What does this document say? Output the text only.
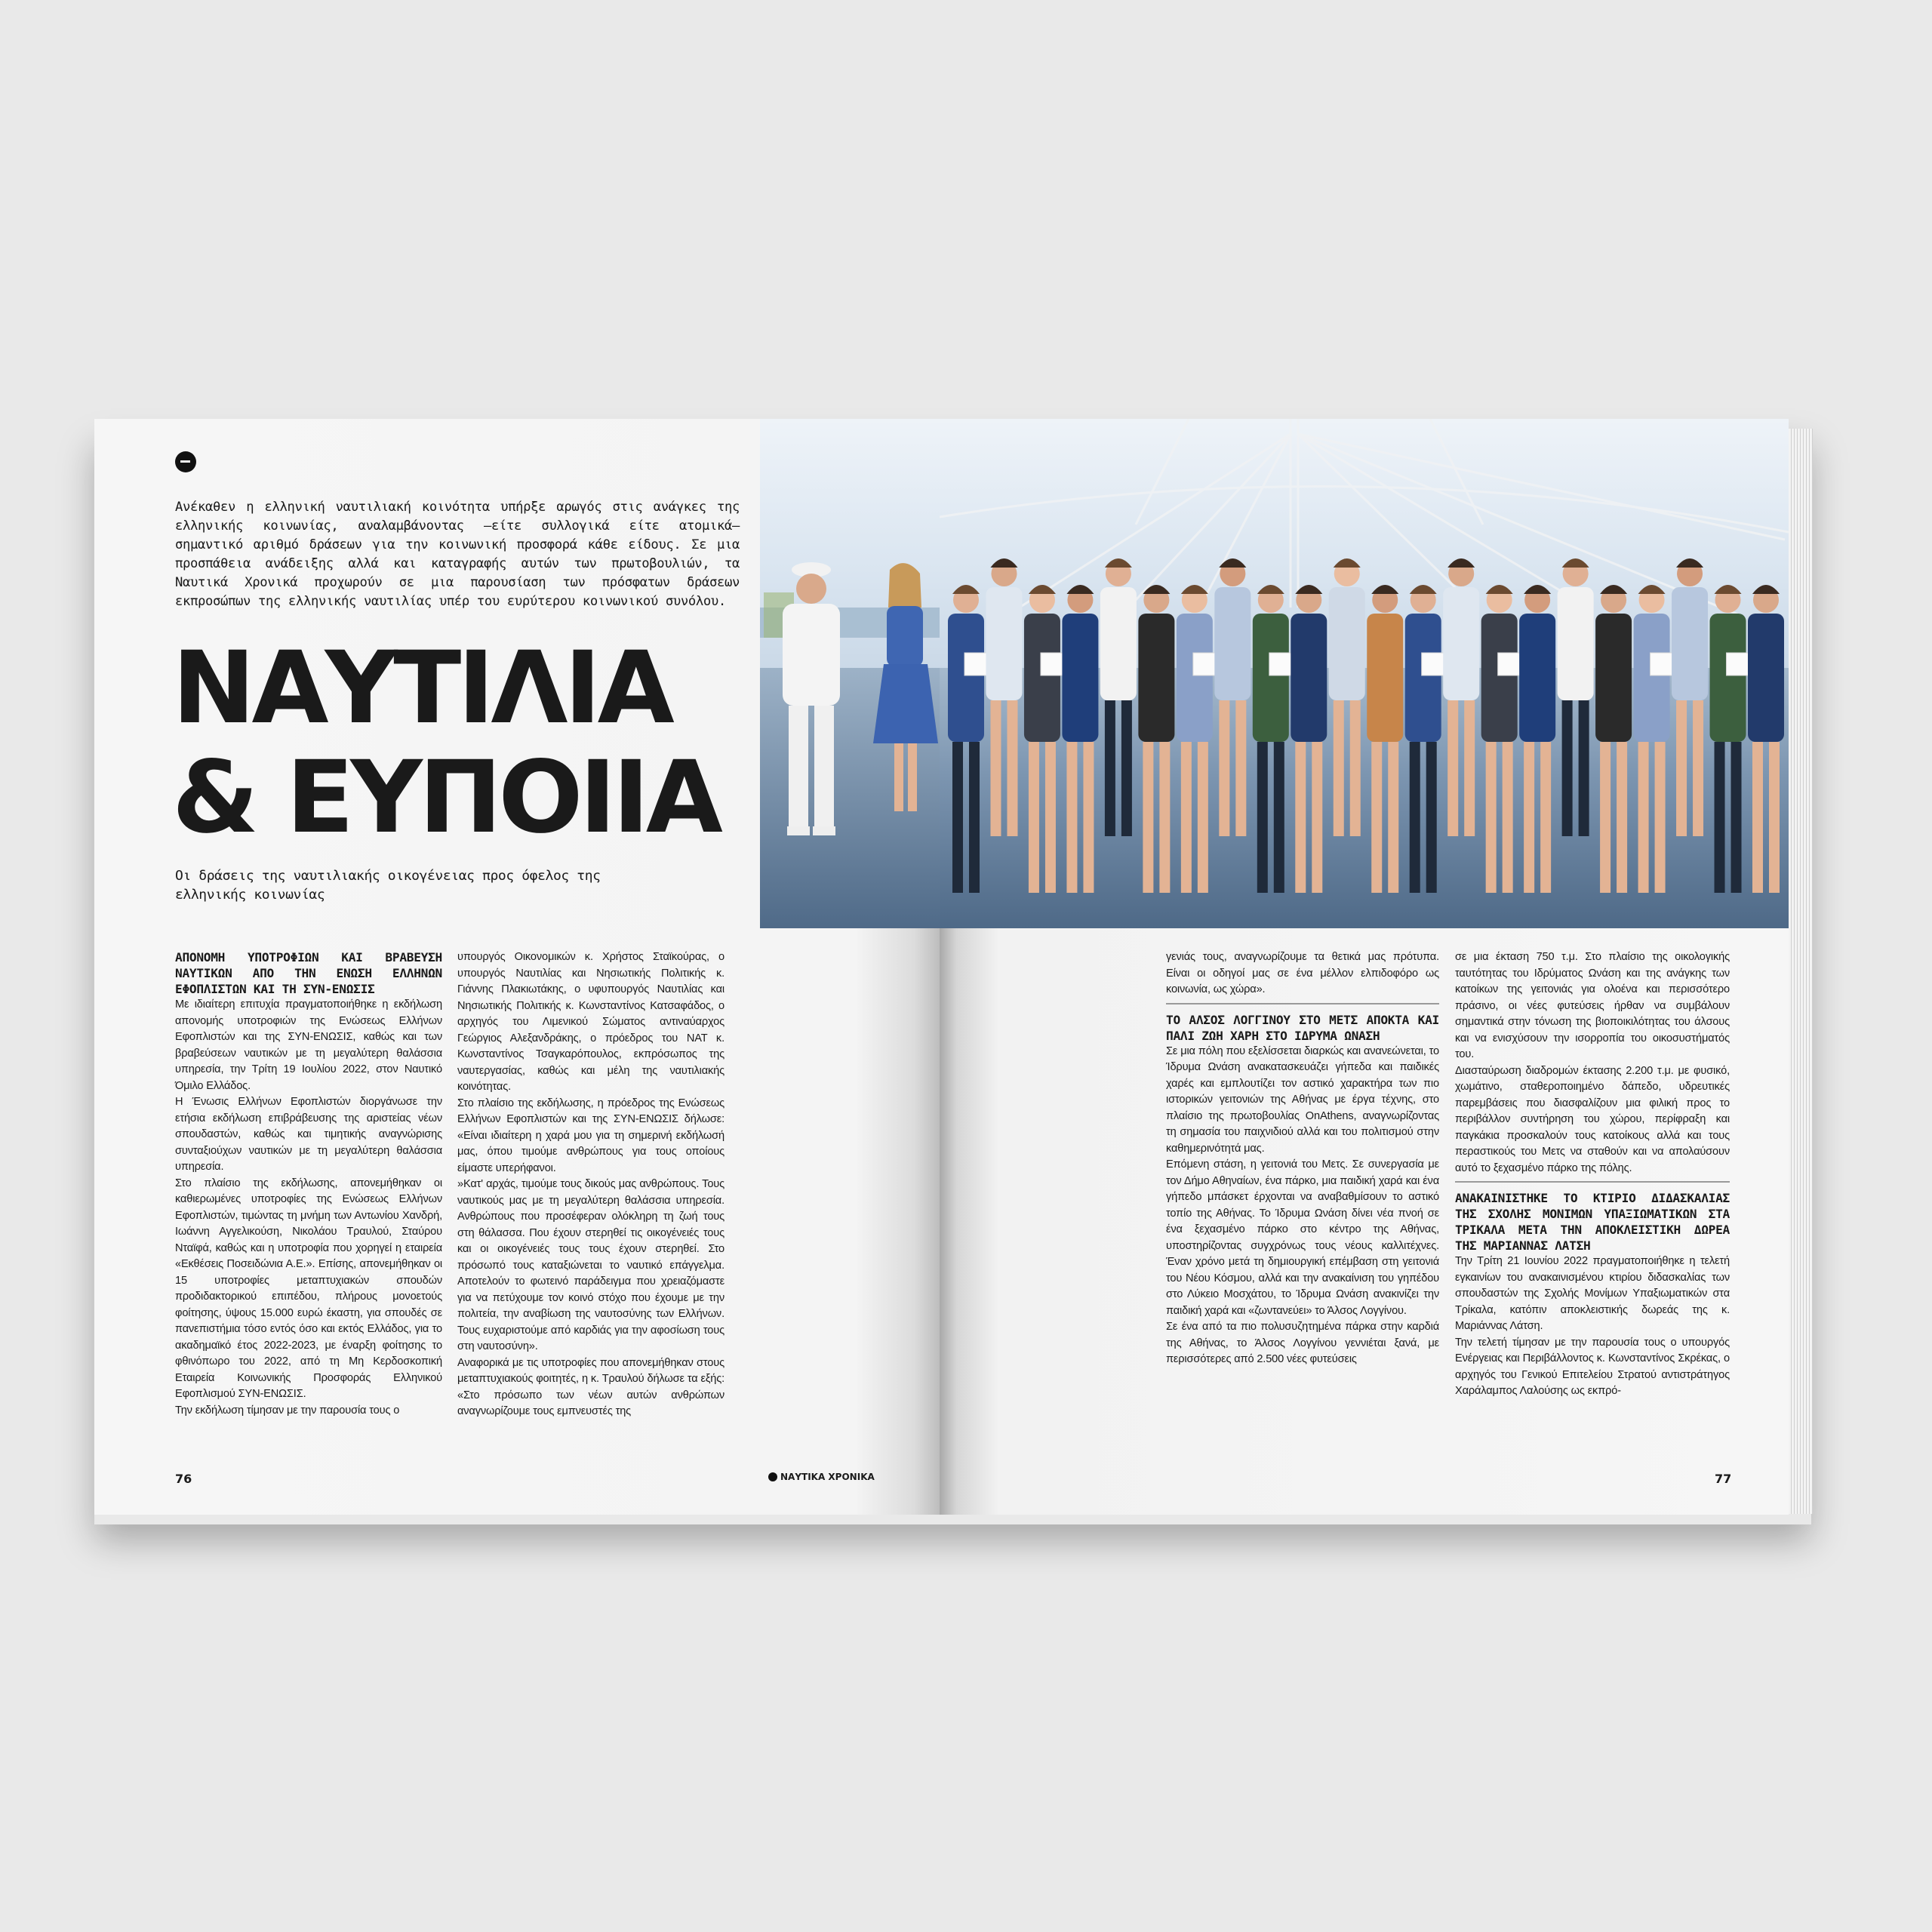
Ανέκαθεν η ελληνική ναυτιλιακή κοινότητα υπήρξε αρωγός στις ανάγκες της ελληνικής κοινωνίας, αναλαμβάνοντας –είτε συλλογικά είτε ατομικά– σημαντικό αριθμό δράσεων για την κοινωνική προσφορά κάθε είδους. Σε μια προσπάθεια ανάδειξης αλλά και καταγραφής αυτών των πρωτοβουλιών, τα Ναυτικά Χρονικά προχωρούν σε μια παρουσίαση των πρόσφατων δράσεων εκπροσώπων της ελληνικής ναυτιλίας υπέρ του ευρύτερου κοινωνικού συνόλου.
ΝΑΥΤΙΛΙΑ
& ΕΥΠΟΙΙΑ
Οι δράσεις της ναυτιλιακής οικογένειας προς όφελος της ελληνικής κοινωνίας
ΑΠΟΝΟΜΗ ΥΠΟΤΡΟΦΙΩΝ ΚΑΙ ΒΡΑΒΕΥΣΗ ΝΑΥΤΙΚΩΝ ΑΠΟ ΤΗΝ ΕΝΩΣΗ ΕΛΛΗΝΩΝ ΕΦΟΠΛΙΣΤΩΝ ΚΑΙ ΤΗ ΣΥΝ-ΕΝΩΣΙΣ

Με ιδιαίτερη επιτυχία πραγματοποιήθηκε η εκδήλωση απονομής υποτροφιών της Ενώσεως Ελλήνων Εφοπλιστών και της ΣΥΝ-ΕΝΩΣΙΣ, καθώς και των βραβεύσεων ναυτικών με τη μεγαλύτερη θαλάσσια υπηρεσία, την Τρίτη 19 Ιουλίου 2022, στον Ναυτικό Όμιλο Ελλάδος.

Η Ένωσις Ελλήνων Εφοπλιστών διοργάνωσε την ετήσια εκδήλωση επιβράβευσης της αριστείας νέων σπουδαστών, καθώς και τιμητικής αναγνώρισης συνταξιούχων ναυτικών με τη μεγαλύτερη θαλάσσια υπηρεσία.

Στο πλαίσιο της εκδήλωσης, απονεμήθηκαν οι καθιερωμένες υποτροφίες της Ενώσεως Ελλήνων Εφοπλιστών, τιμώντας τη μνήμη των Αντωνίου Χανδρή, Ιωάννη Αγγελικούση, Νικολάου Τραυλού, Σταύρου Νταϊφά, καθώς και η υποτροφία που χορηγεί η εταιρεία «Εκθέσεις Ποσειδώνια Α.Ε.». Επίσης, απονεμήθηκαν οι 15 υποτροφίες μεταπτυχιακών σπουδών προδιδακτορικού επιπέδου, πλήρους μονοετούς φοίτησης, ύψους 15.000 ευρώ έκαστη, για σπουδές σε πανεπιστήμια τόσο εντός όσο και εκτός Ελλάδος, για το ακαδημαϊκό έτος 2022-2023, με έναρξη φοίτησης το φθινόπωρο του 2022, από τη Μη Κερδοσκοπική Εταιρεία Κοινωνικής Προσφοράς Ελληνικού Εφοπλισμού ΣΥΝ-ΕΝΩΣΙΣ.

Την εκδήλωση τίμησαν με την παρουσία τους ο

υπουργός Οικονομικών κ. Χρήστος Σταϊκούρας, ο υπουργός Ναυτιλίας και Νησιωτικής Πολιτικής κ. Γιάννης Πλακιωτάκης, ο υφυπουργός Ναυτιλίας και Νησιωτικής Πολιτικής κ. Κωνσταντίνος Κατσαφάδος, ο αρχηγός του Λιμενικού Σώματος αντιναύαρχος Γεώργιος Αλεξανδράκης, ο πρόεδρος του ΝΑΤ κ. Κωνσταντίνος Τσαγκαρόπουλος, εκπρόσωπος της ναυτεργασίας, καθώς και μέλη της ναυτιλιακής κοινότητας.

Στο πλαίσιο της εκδήλωσης, η πρόεδρος της Ενώσεως Ελλήνων Εφοπλιστών και της ΣΥΝ-ΕΝΩΣΙΣ δήλωσε: «Είναι ιδιαίτερη η χαρά μου για τη σημερινή εκδήλωσή μας, όπου τιμούμε ανθρώπους για τους οποίους είμαστε υπερήφανοι.

»Κατ' αρχάς, τιμούμε τους δικούς μας ανθρώπους. Τους ναυτικούς μας με τη μεγαλύτερη θαλάσσια υπηρεσία. Ανθρώπους που προσέφεραν ολόκληρη τη ζωή τους στη θάλασσα. Που έχουν στερηθεί τις οικογένειές τους και οι οικογένειές τους τους έχουν στερηθεί. Στο πρόσωπό τους καταξιώνεται το ναυτικό επάγγελμα. Αποτελούν το φωτεινό παράδειγμα που χρειαζόμαστε για να πετύχουμε τον κοινό στόχο που έχουμε με την πολιτεία, την αναβίωση της ναυτοσύνης των Ελλήνων. Τους ευχαριστούμε από καρδιάς για την αφοσίωση τους στη ναυτοσύνη».

Αναφορικά με τις υποτροφίες που απονεμήθηκαν στους μεταπτυχιακούς φοιτητές, η κ. Τραυλού δήλωσε τα εξής: «Στο πρόσωπο των νέων αυτών ανθρώπων αναγνωρίζουμε τους εμπνευστές της

76	ΝΑΥΤΙΚΑ ΧΡΟΝΙΚΑ

γενιάς τους, αναγνωρίζουμε τα θετικά μας πρότυπα. Είναι οι οδηγοί μας σε ένα μέλλον ελπιδοφόρο ως κοινωνία, ως χώρα».

ΤΟ ΑΛΣΟΣ ΛΟΓΓΙΝΟΥ ΣΤΟ ΜΕΤΣ ΑΠΟΚΤΑ ΚΑΙ ΠΑΛΙ ΖΩΗ ΧΑΡΗ ΣΤΟ ΙΔΡΥΜΑ ΩΝΑΣΗ

Σε μια πόλη που εξελίσσεται διαρκώς και ανανεώνεται, το Ίδρυμα Ωνάση ανακατασκευάζει γήπεδα και παιδικές χαρές και εμπλουτίζει τον αστικό χαρακτήρα των πιο ιστορικών γειτονιών της Αθήνας με έργα τέχνης, στο πλαίσιο της πρωτοβουλίας OnAthens, αναγνωρίζοντας τη σημασία του παιχνιδιού αλλά και του πολιτισμού στην καθημερινότητά μας.

Επόμενη στάση, η γειτονιά του Μετς. Σε συνεργασία με τον Δήμο Αθηναίων, ένα πάρκο, μια παιδική χαρά και ένα γήπεδο μπάσκετ έρχονται να αναβαθμίσουν το αστικό τοπίο της Αθήνας. Το Ίδρυμα Ωνάση δίνει νέα πνοή σε ένα ξεχασμένο πάρκο στο κέντρο της Αθήνας, υποστηρίζοντας συγχρόνως τους νέους καλλιτέχνες. Έναν χρόνο μετά τη δημιουργική επέμβαση στη γειτονιά του Νέου Κόσμου, αλλά και την ανακαίνιση του γηπέδου στο Λύκειο Μοσχάτου, το Ίδρυμα Ωνάση ανακινίζει την παιδική χαρά και «ζωντανεύει» το Άλσος Λογγίνου.

Σε ένα από τα πιο πολυσυζητημένα πάρκα στην καρδιά της Αθήνας, το Άλσος Λογγίνου γεννιέται ξανά, με περισσότερες από 2.500 νέες φυτεύσεις

σε μια έκταση 750 τ.μ. Στο πλαίσιο της οικολογικής ταυτότητας του Ιδρύματος Ωνάση και της ανάγκης των κατοίκων της γειτονιάς για ολοένα και περισσότερο πράσινο, οι νέες φυτεύσεις ήρθαν να συμβάλουν σημαντικά στην τόνωση της βιοποικιλότητας του άλσους και να ενισχύσουν την ισορροπία του οικοσυστήματός του.

Διασταύρωση διαδρομών έκτασης 2.200 τ.μ. με φυσικό, χωμάτινο, σταθεροποιημένο δάπεδο, υδρευτικές παρεμβάσεις που διασφαλίζουν μια φιλική προς το περιβάλλον συντήρηση του χώρου, περίφραξη και παγκάκια προσκαλούν τους κατοίκους αλλά και τους περαστικούς του Μετς να σταθούν και να απολαύσουν αυτό το ξεχασμένο πάρκο της πόλης.

ΑΝΑΚΑΙΝΙΣΤΗΚΕ ΤΟ ΚΤΙΡΙΟ ΔΙΔΑΣΚΑΛΙΑΣ ΤΗΣ ΣΧΟΛΗΣ ΜΟΝΙΜΩΝ ΥΠΑΞΙΩΜΑΤΙΚΩΝ ΣΤΑ ΤΡΙΚΑΛΑ ΜΕΤΑ ΤΗΝ ΑΠΟΚΛΕΙΣΤΙΚΗ ΔΩΡΕΑ ΤΗΣ ΜΑΡΙΑΝΝΑΣ ΛΑΤΣΗ

Την Τρίτη 21 Ιουνίου 2022 πραγματοποιήθηκε η τελετή εγκαινίων του ανακαινισμένου κτιρίου διδασκαλίας των σπουδαστών της Σχολής Μονίμων Υπαξιωματικών στα Τρίκαλα, κατόπιν αποκλειστικής δωρεάς της κ. Μαριάννας Λάτση.

Την τελετή τίμησαν με την παρουσία τους ο υπουργός Ενέργειας και Περιβάλλοντος κ. Κωνσταντίνος Σκρέκας, ο αρχηγός του Γενικού Επιτελείου Στρατού αντιστράτηγος Χαράλαμπος Λαλούσης ως εκπρό-

77
